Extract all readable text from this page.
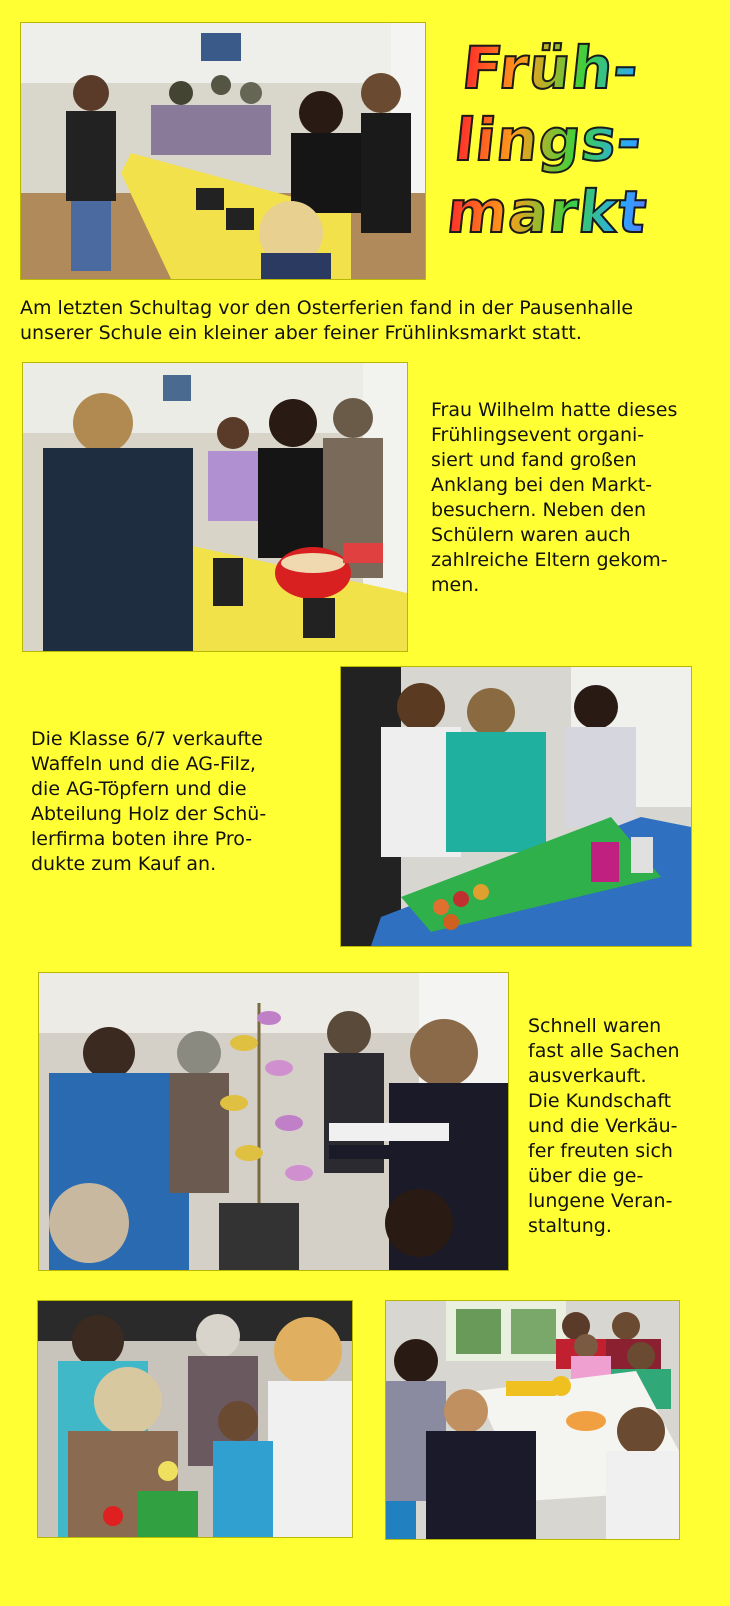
Früh-
lings-
markt

Am letzten Schultag vor den Osterferien fand in der Pausenhalle unserer Schule ein kleiner aber feiner Frühlinksmarkt statt.

Frau Wilhelm hatte dieses
Frühlingsevent organi-
siert und fand großen
Anklang bei den Markt-
besuchern. Neben den
Schülern waren auch
zahlreiche Eltern gekom-
men.

Die Klasse 6/7 verkaufte
Waffeln und die AG-Filz,
die AG-Töpfern und die
Abteilung Holz der Schü-
lerfirma boten ihre Pro-
dukte zum Kauf an.

Schnell waren
fast alle Sachen
ausverkauft.
Die Kundschaft
und die Verkäu-
fer freuten sich
über die ge-
lungene Veran-
staltung.
